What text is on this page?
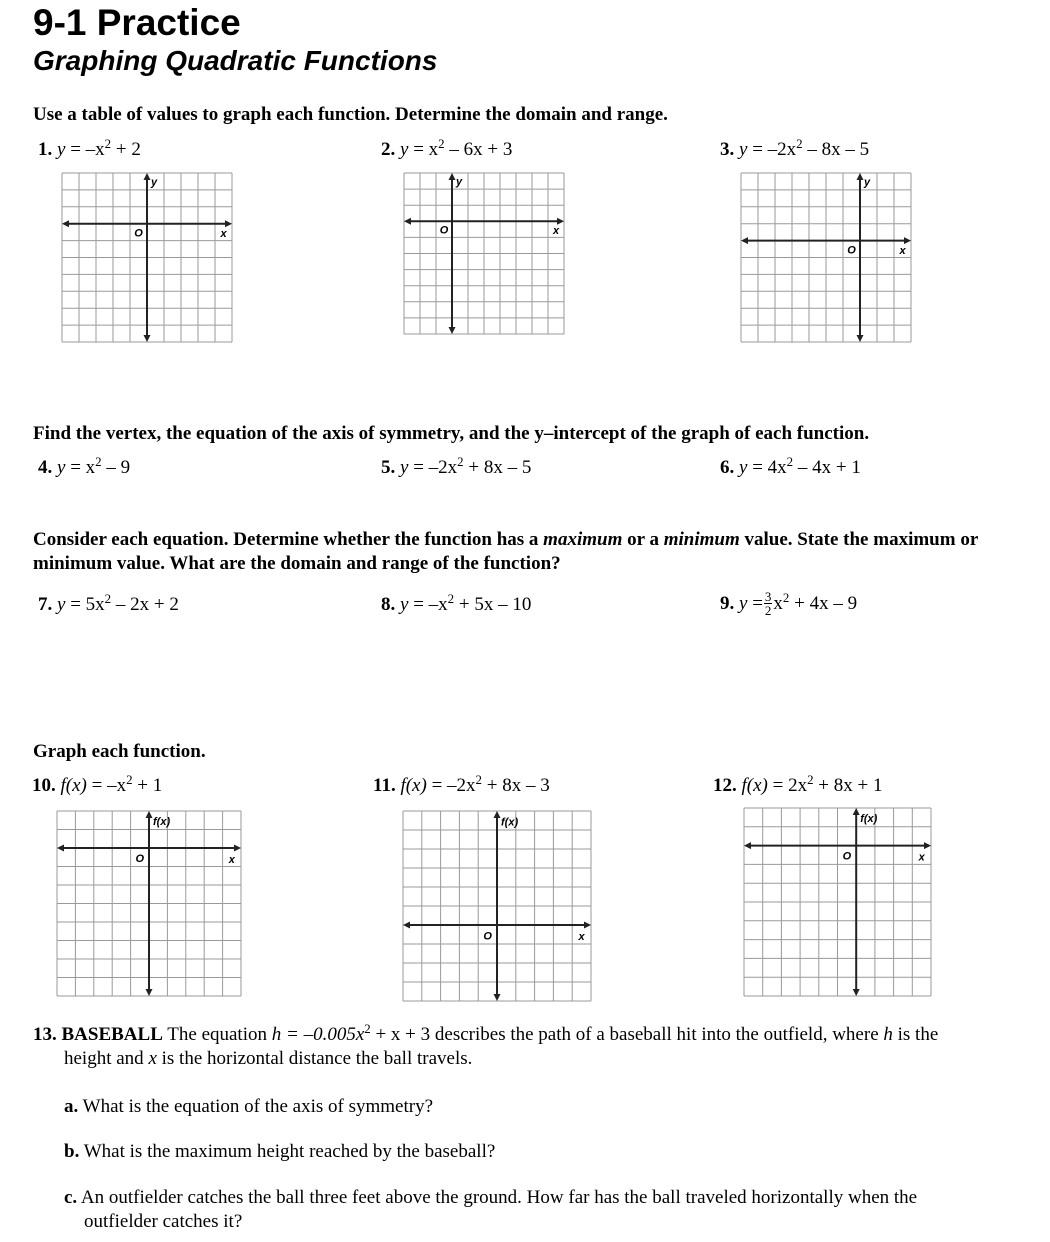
9-1 Practice
Graphing Quadratic Functions
Use a table of values to graph each function. Determine the domain and range.
1. $y = -x^2 + 2$	2. $y = x^2 - 6x + 3$	3. $y = -2x^2 - 8x - 5$
O	x
y
O	x
y
O	x
y
O	x
f(x)
O	x
f(x)
O	x
f(x)
Find the vertex, the equation of the axis of symmetry, and the y–intercept of the graph of each function.
4. $y = x^2 - 9$	5. $y = -2x^2 + 8x - 5$	6. $y = 4x^2 - 4x + 1$
Consider each equation. Determine whether the function has a maximum or a minimum value. State the maximum or minimum value. What are the domain and range of the function?
7. $y = 5x^2 - 2x + 2$	8. $y = -x^2 + 5x - 10$	9. $y = \frac{3}{2} x^2 + 4x - 9$
Graph each function.
10. $f(x) = -x^2 + 1$	11. $f(x) = -2x^2 + 8x - 3$	12. $f(x) = 2x^2 + 8x + 1$
13. BASEBALL The equation $h = -0.005x^2 + x + 3$ describes the path of a baseball hit into the outfield, where h is the
height and x is the horizontal distance the ball travels.
a. What is the equation of the axis of symmetry?
b. What is the maximum height reached by the baseball?
c. An outfielder catches the ball three feet above the ground. How far has the ball traveled horizontally when the
outfielder catches it?
